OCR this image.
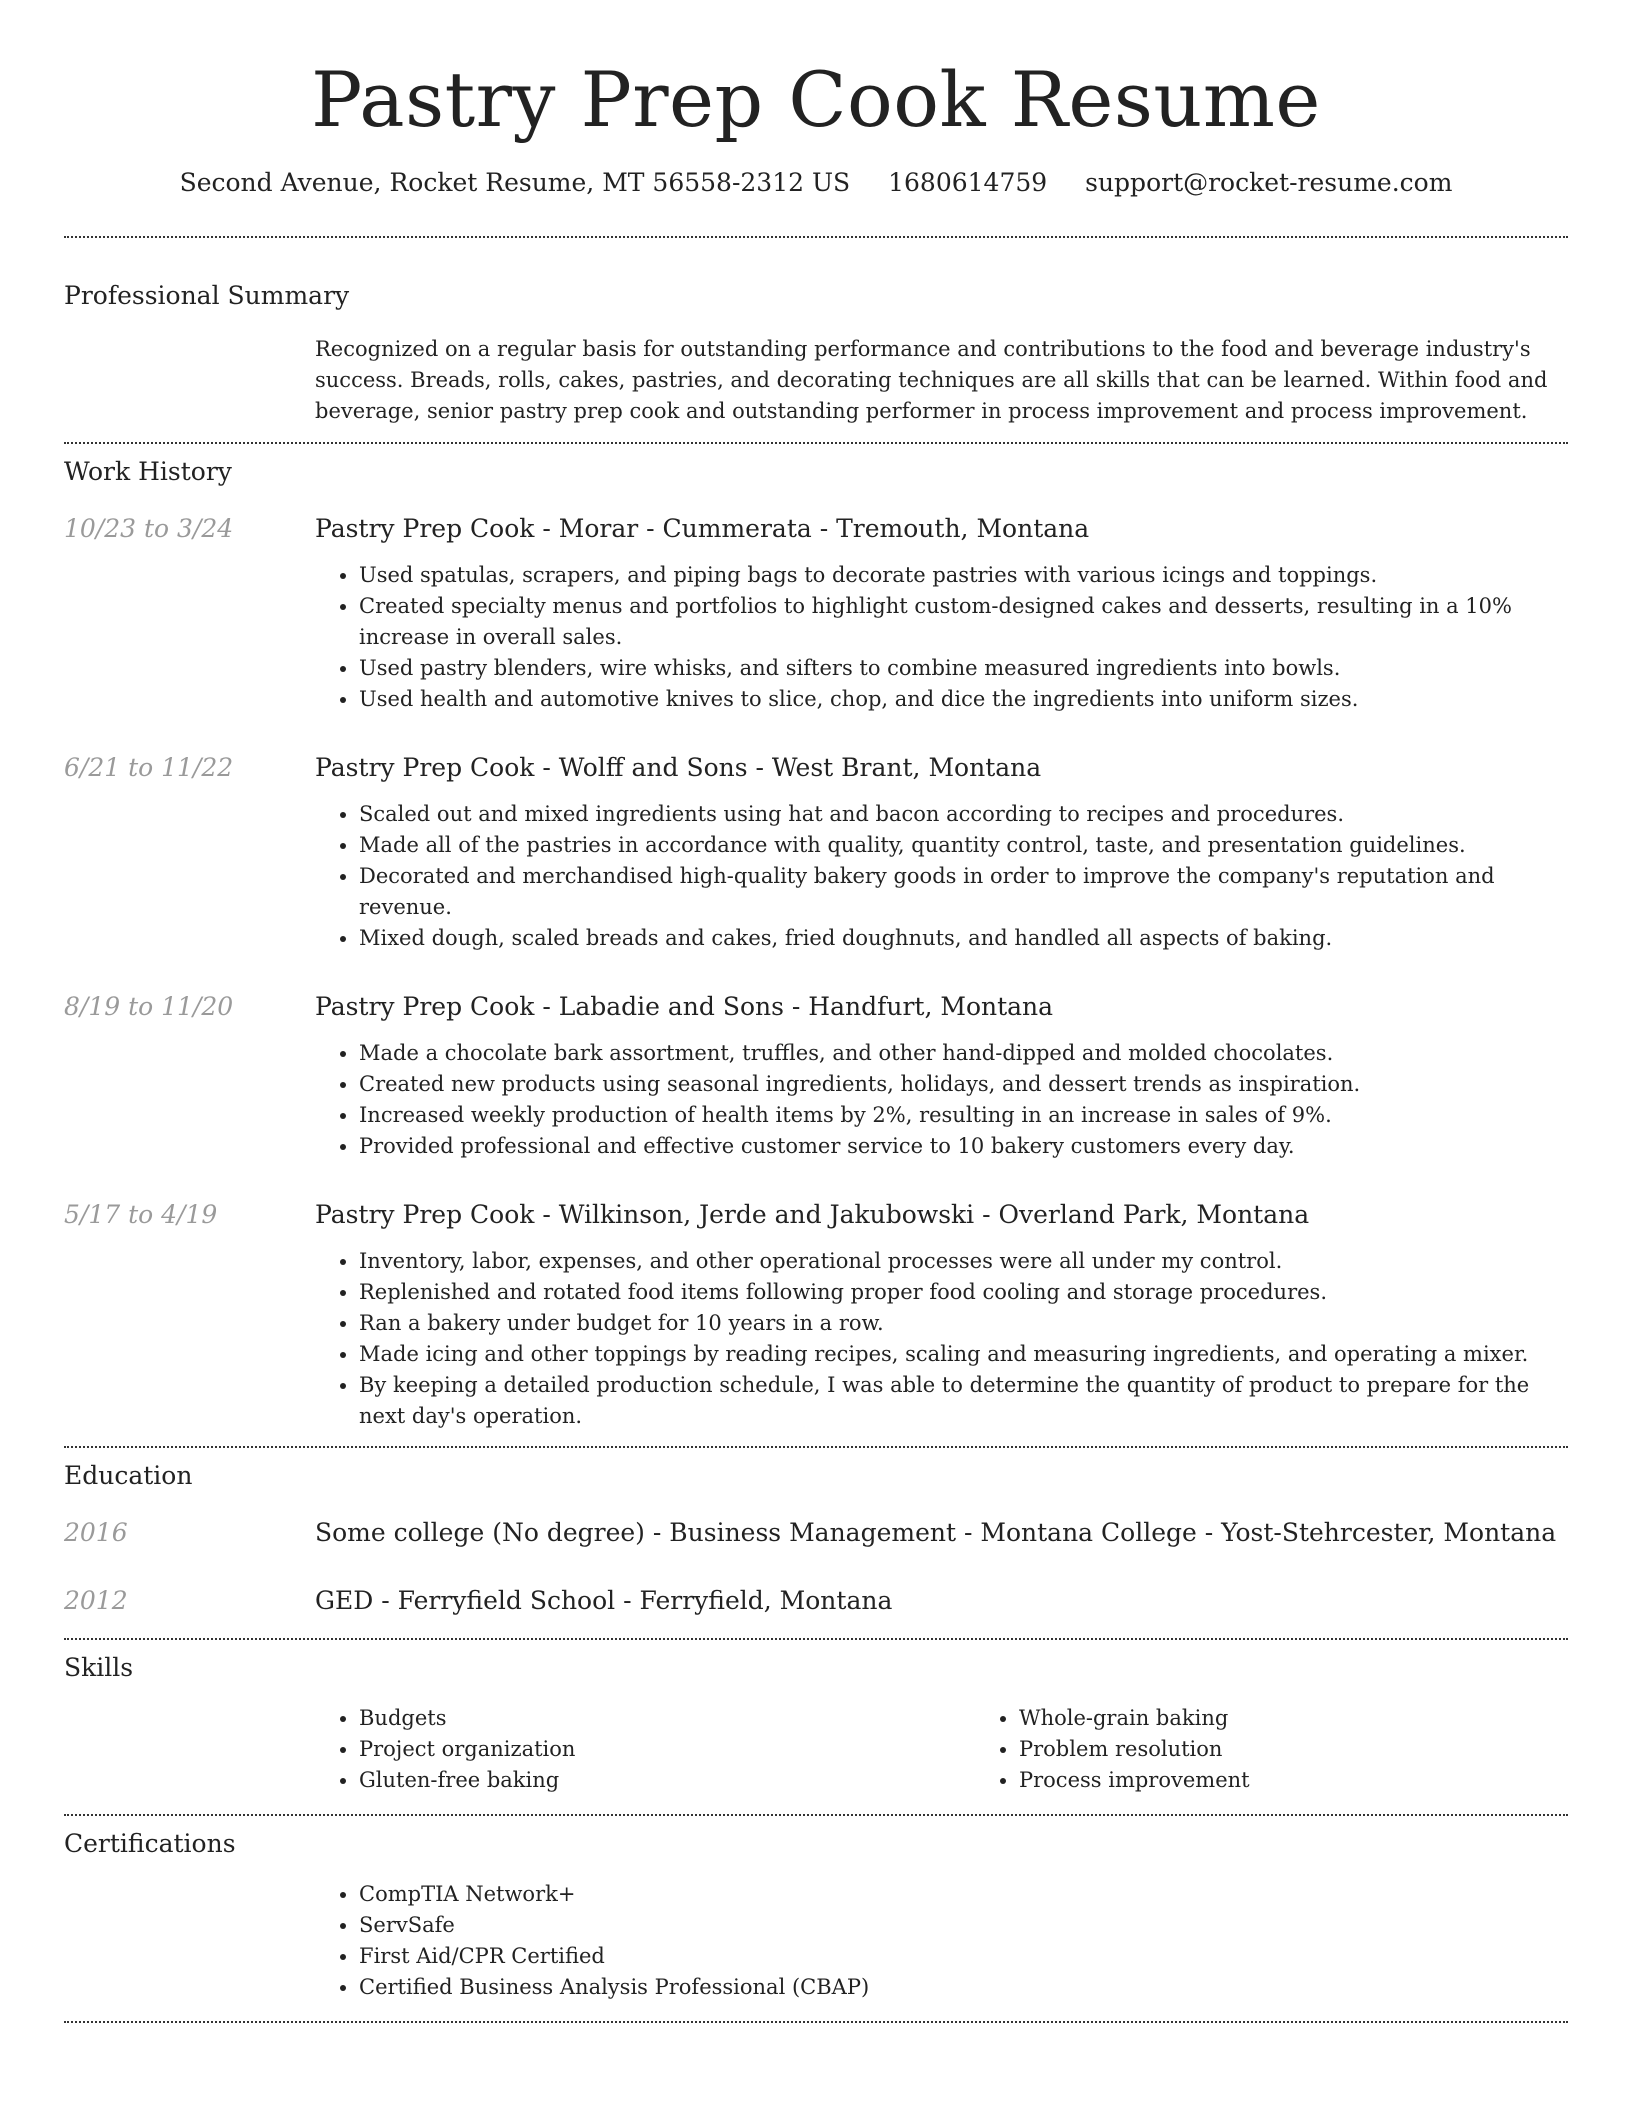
Pastry Prep Cook Resume
Second Avenue, Rocket Resume, MT 56558-2312 US 1680614759 support@rocket-resume.com
Professional Summary

Recognized on a regular basis for outstanding performance and contributions to the food and beverage industry's success. Breads, rolls, cakes, pastries, and decorating techniques are all skills that can be learned. Within food and beverage, senior pastry prep cook and outstanding performer in process improvement and process improvement.

Work History
10/23 to 3/24	Pastry Prep Cook - Morar - Cummerata - Tremouth, Montana
• Used spatulas, scrapers, and piping bags to decorate pastries with various icings and toppings.
• Created specialty menus and portfolios to highlight custom-designed cakes and desserts, resulting in a 10% increase in overall sales.
• Used pastry blenders, wire whisks, and sifters to combine measured ingredients into bowls.
• Used health and automotive knives to slice, chop, and dice the ingredients into uniform sizes.
6/21 to 11/22	Pastry Prep Cook - Wolff and Sons - West Brant, Montana
• Scaled out and mixed ingredients using hat and bacon according to recipes and procedures.
• Made all of the pastries in accordance with quality, quantity control, taste, and presentation guidelines.
• Decorated and merchandised high-quality bakery goods in order to improve the company's reputation and revenue.
• Mixed dough, scaled breads and cakes, fried doughnuts, and handled all aspects of baking.
8/19 to 11/20	Pastry Prep Cook - Labadie and Sons - Handfurt, Montana
• Made a chocolate bark assortment, truffles, and other hand-dipped and molded chocolates.
• Created new products using seasonal ingredients, holidays, and dessert trends as inspiration.
• Increased weekly production of health items by 2%, resulting in an increase in sales of 9%.
• Provided professional and effective customer service to 10 bakery customers every day.
5/17 to 4/19	Pastry Prep Cook - Wilkinson, Jerde and Jakubowski - Overland Park, Montana
• Inventory, labor, expenses, and other operational processes were all under my control.
• Replenished and rotated food items following proper food cooling and storage procedures.
• Ran a bakery under budget for 10 years in a row.
• Made icing and other toppings by reading recipes, scaling and measuring ingredients, and operating a mixer.
• By keeping a detailed production schedule, I was able to determine the quantity of product to prepare for the next day's operation.
Education
2016	Some college (No degree) - Business Management - Montana College - Yost-Stehrcester, Montana
2012	GED - Ferryfield School - Ferryfield, Montana
Skills
• Budgets
• Project organization
• Gluten-free baking
• Whole-grain baking
• Problem resolution
• Process improvement
Certifications
• CompTIA Network+
• ServSafe
• First Aid/CPR Certified
• Certified Business Analysis Professional (CBAP)
